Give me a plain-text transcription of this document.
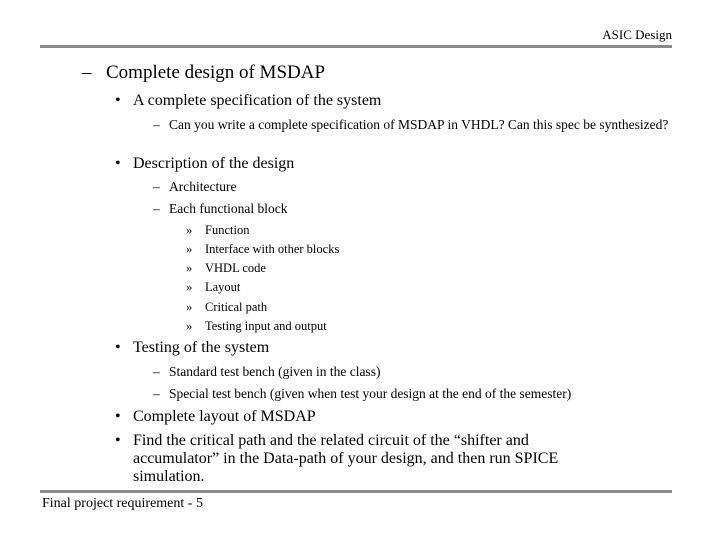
ASIC Design
– Complete design of MSDAP
• A complete specification of the system
– Can you write a complete specification of MSDAP in VHDL? Can this spec be synthesized?
• Description of the design
– Architecture
– Each functional block
» Function
» Interface with other blocks
» VHDL code
» Layout
» Critical path
» Testing input and output
• Testing of the system
– Standard test bench (given in the class)
– Special test bench (given when test your design at the end of the semester)
• Complete layout of MSDAP
• Find the critical path and the related circuit of the “shifter and accumulator” in the Data-path of your design, and then run SPICE simulation.
Final project requirement - 5
